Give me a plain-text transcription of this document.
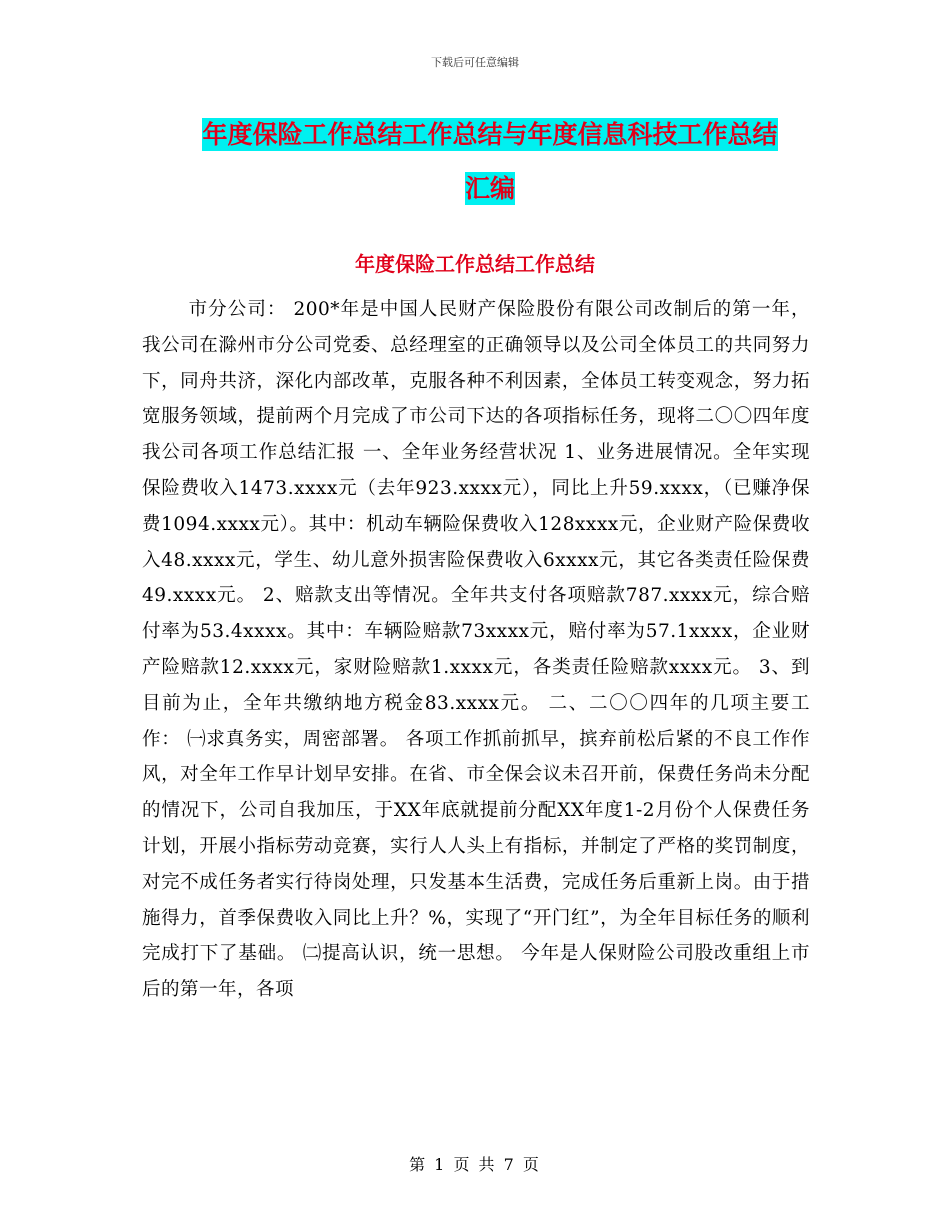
下载后可任意编辑
年度保险工作总结工作总结与年度信息科技工作总结
汇编
年度保险工作总结工作总结
市分公司： 200*年是中国人民财产保险股份有限公司改制后的第一年，我公司在滁州市分公司党委、总经理室的正确领导以及公司全体员工的共同努力下，同舟共济，深化内部改革，克服各种不利因素，全体员工转变观念，努力拓宽服务领域，提前两个月完成了市公司下达的各项指标任务，现将二〇〇四年度我公司各项工作总结汇报 一、全年业务经营状况 1、业务进展情况。全年实现保险费收入1473.xxxx元（去年923.xxxx元），同比上升59.xxxx，（已赚净保费1094.xxxx元）。其中：机动车辆险保费收入128xxxx元，企业财产险保费收入48.xxxx元，学生、幼儿意外损害险保费收入6xxxx元，其它各类责任险保费49.xxxx元。 2、赔款支出等情况。全年共支付各项赔款787.xxxx元，综合赔付率为53.4xxxx。其中：车辆险赔款73xxxx元，赔付率为57.1xxxx，企业财产险赔款12.xxxx元，家财险赔款1.xxxx元，各类责任险赔款xxxx元。 3、到目前为止，全年共缴纳地方税金83.xxxx元。 二、二〇〇四年的几项主要工作： ㈠求真务实，周密部署。 各项工作抓前抓早，摈弃前松后紧的不良工作作风，对全年工作早计划早安排。在省、市全保会议未召开前，保费任务尚未分配的情况下，公司自我加压，于XX年底就提前分配XX年度1-2月份个人保费任务计划，开展小指标劳动竞赛，实行人人头上有指标，并制定了严格的奖罚制度，对完不成任务者实行待岗处理，只发基本生活费，完成任务后重新上岗。由于措施得力，首季保费收入同比上升？%，实现了“开门红”，为全年目标任务的顺利完成打下了基础。 ㈡提高认识，统一思想。 今年是人保财险公司股改重组上市后的第一年，各项
第 1 页 共 7 页
